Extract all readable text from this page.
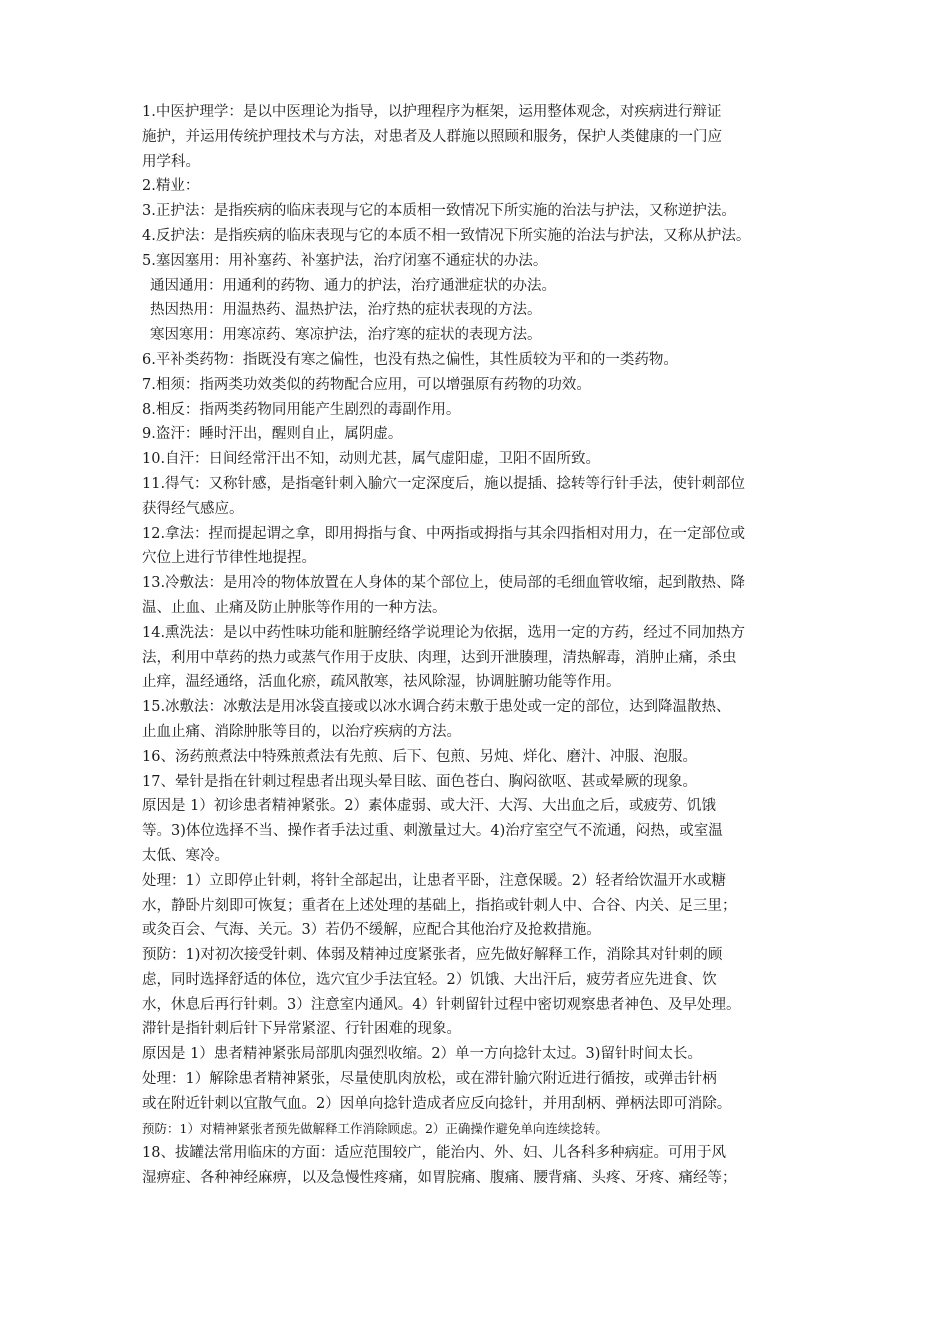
1.中医护理学：是以中医理论为指导，以护理程序为框架，运用整体观念，对疾病进行辩证
施护，并运用传统护理技术与方法，对患者及人群施以照顾和服务，保护人类健康的一门应
用学科。
2.精业：
3.正护法：是指疾病的临床表现与它的本质相一致情况下所实施的治法与护法，又称逆护法。
4.反护法：是指疾病的临床表现与它的本质不相一致情况下所实施的治法与护法，又称从护法。
5.塞因塞用：用补塞药、补塞护法，治疗闭塞不通症状的办法。
通因通用：用通利的药物、通力的护法，治疗通泄症状的办法。
热因热用：用温热药、温热护法，治疗热的症状表现的方法。
寒因寒用：用寒凉药、寒凉护法，治疗寒的症状的表现方法。
6.平补类药物：指既没有寒之偏性，也没有热之偏性，其性质较为平和的一类药物。
7.相须：指两类功效类似的药物配合应用，可以增强原有药物的功效。
8.相反：指两类药物同用能产生剧烈的毒副作用。
9.盗汗：睡时汗出，醒则自止，属阴虚。
10.自汗：日间经常汗出不知，动则尤甚，属气虚阳虚，卫阳不固所致。
11.得气：又称针感，是指毫针刺入腧穴一定深度后，施以提插、捻转等行针手法，使针刺部位
获得经气感应。
12.拿法：捏而提起谓之拿，即用拇指与食、中两指或拇指与其余四指相对用力，在一定部位或
穴位上进行节律性地提捏。
13.冷敷法：是用冷的物体放置在人身体的某个部位上，使局部的毛细血管收缩，起到散热、降
温、止血、止痛及防止肿胀等作用的一种方法。
14.熏洗法：是以中药性味功能和脏腑经络学说理论为依据，选用一定的方药，经过不同加热方
法，利用中草药的热力或蒸气作用于皮肤、肉理，达到开泄腠理，清热解毒，消肿止痛，杀虫
止痒，温经通络，活血化瘀，疏风散寒，祛风除湿，协调脏腑功能等作用。
15.冰敷法：冰敷法是用冰袋直接或以冰水调合药末敷于患处或一定的部位，达到降温散热、
止血止痛、消除肿胀等目的，以治疗疾病的方法。
16、汤药煎煮法中特殊煎煮法有先煎、后下、包煎、另炖、烊化、磨汁、冲服、泡服。
17、晕针是指在针刺过程患者出现头晕目眩、面色苍白、胸闷欲呕、甚或晕厥的现象。
原因是 1）初诊患者精神紧张。2）素体虚弱、或大汗、大泻、大出血之后，或疲劳、饥饿
等。3)体位选择不当、操作者手法过重、刺激量过大。4)治疗室空气不流通，闷热，或室温
太低、寒冷。
处理：1）立即停止针刺，将针全部起出，让患者平卧，注意保暖。2）轻者给饮温开水或糖
水，静卧片刻即可恢复；重者在上述处理的基础上，指掐或针刺人中、合谷、内关、足三里；
或灸百会、气海、关元。3）若仍不缓解，应配合其他治疗及抢救措施。
预防：1)对初次接受针刺、体弱及精神过度紧张者，应先做好解释工作，消除其对针刺的顾
虑，同时选择舒适的体位，选穴宜少手法宜轻。2）饥饿、大出汗后，疲劳者应先进食、饮
水，休息后再行针刺。3）注意室内通风。4）针刺留针过程中密切观察患者神色、及早处理。
滞针是指针刺后针下异常紧涩、行针困难的现象。
原因是 1）患者精神紧张局部肌肉强烈收缩。2）单一方向捻针太过。3)留针时间太长。
处理：1）解除患者精神紧张，尽量使肌肉放松，或在滞针腧穴附近进行循按，或弹击针柄
或在附近针刺以宜散气血。2）因单向捻针造成者应反向捻针，并用刮柄、弹柄法即可消除。
预防：1）对精神紧张者预先做解释工作消除顾虑。2）正确操作避免单向连续捻转。
18、拔罐法常用临床的方面：适应范围较广，能治内、外、妇、儿各科多种病症。可用于风
湿痹症、各种神经麻痹，以及急慢性疼痛，如胃脘痛、腹痛、腰背痛、头疼、牙疼、痛经等；
